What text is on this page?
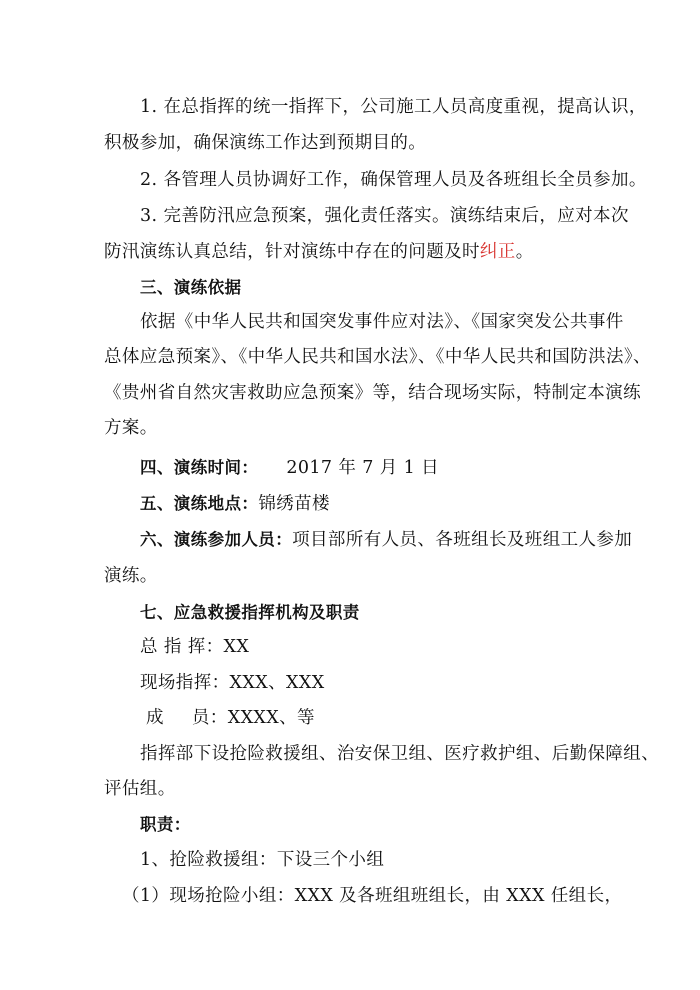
1. 在总指挥的统一指挥下，公司施工人员高度重视，提高认识，
积极参加，确保演练工作达到预期目的。
2. 各管理人员协调好工作，确保管理人员及各班组长全员参加。
3. 完善防汛应急预案，强化责任落实。演练结束后，应对本次
防汛演练认真总结，针对演练中存在的问题及时纠正。
三、演练依据
依据《中华人民共和国突发事件应对法》、《国家突发公共事件
总体应急预案》、《中华人民共和国水法》、《中华人民共和国防洪法》、
《贵州省自然灾害救助应急预案》等，结合现场实际，特制定本演练
方案。
四、演练时间： 2017 年 7 月 1 日
五、演练地点：锦绣苗楼
六、演练参加人员：项目部所有人员、各班组长及班组工人参加
演练。
七、应急救援指挥机构及职责
总 指 挥：XX
现场指挥：XXX、XXX
成 员：XXXX、等
指挥部下设抢险救援组、治安保卫组、医疗救护组、后勤保障组、
评估组。
职责：
1、抢险救援组：下设三个小组
（1）现场抢险小组：XXX 及各班组班组长，由 XXX 任组长，
